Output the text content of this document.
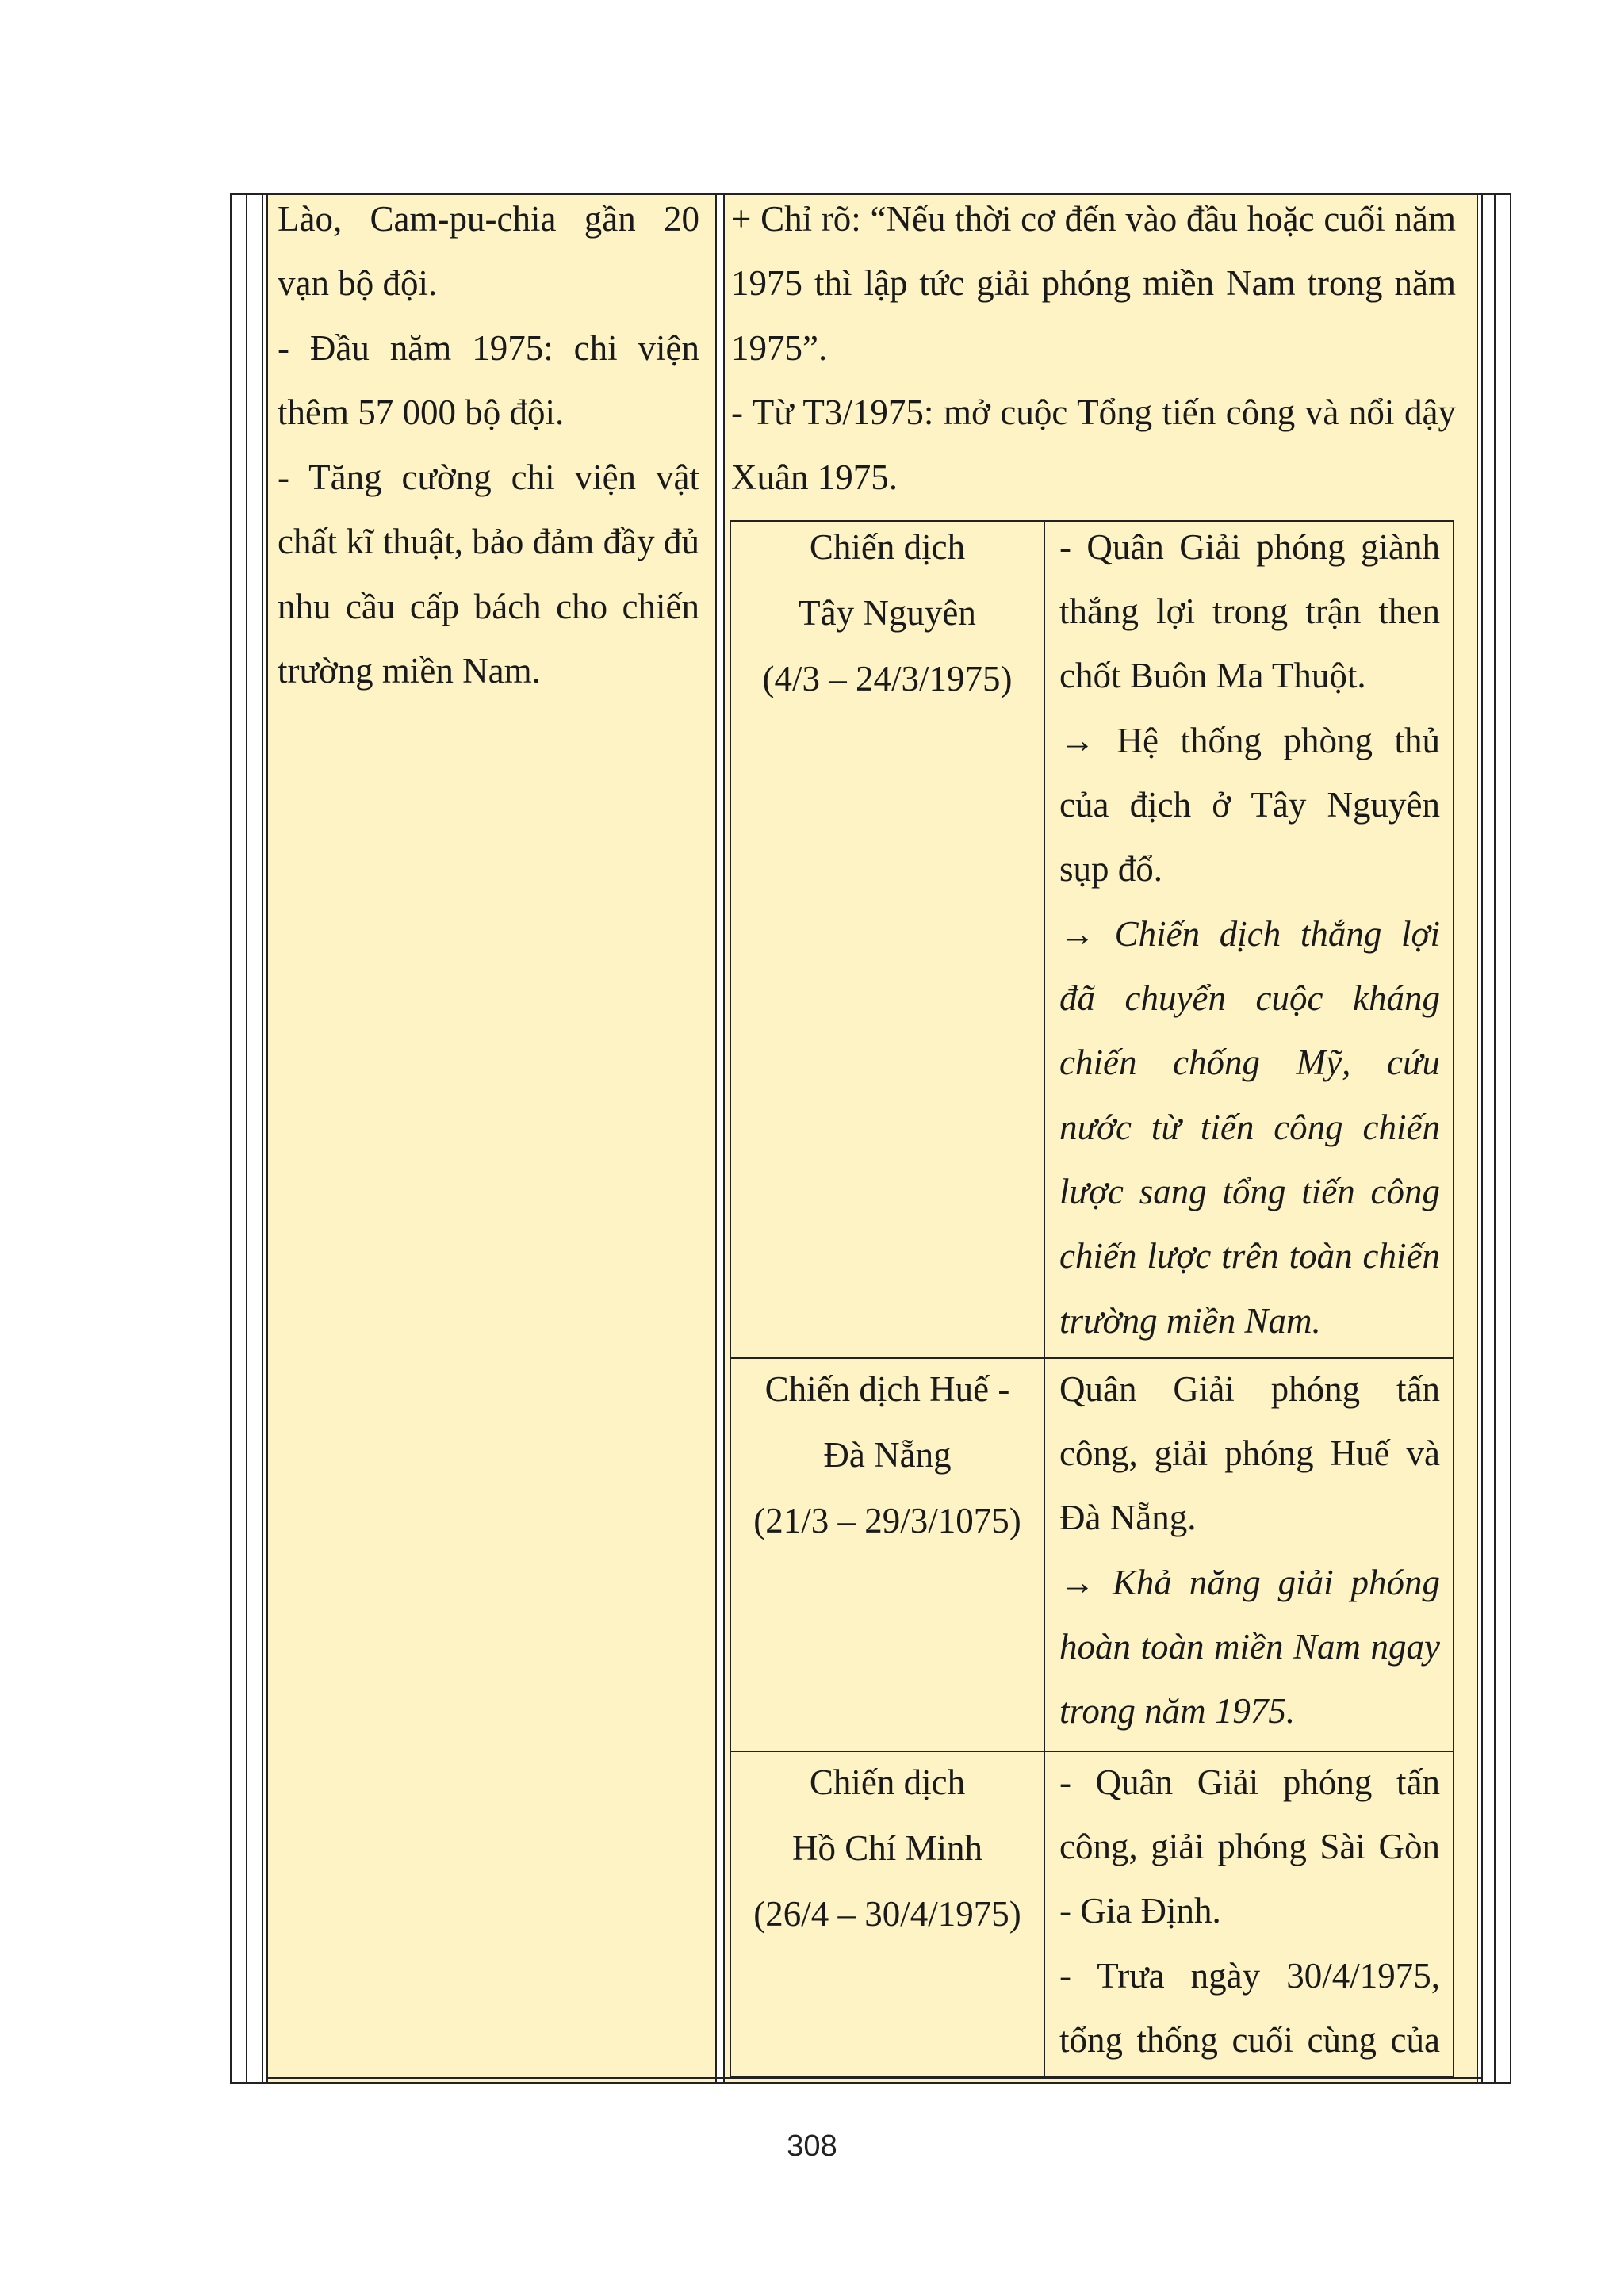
Lào, Cam-pu-chia gần 20
vạn bộ đội.
- Đầu năm 1975: chi viện
thêm 57 000 bộ đội.
- Tăng cường chi viện vật
chất kĩ thuật, bảo đảm đầy đủ
nhu cầu cấp bách cho chiến
trường miền Nam.
+ Chỉ rõ: “Nếu thời cơ đến vào đầu hoặc cuối năm
1975 thì lập tức giải phóng miền Nam trong năm
1975”.
- Từ T3/1975: mở cuộc Tổng tiến công và nổi dậy
Xuân 1975.
Chiến dịch
Tây Nguyên
(4/3 – 24/3/1975)
- Quân Giải phóng giành
thắng lợi trong trận then
chốt Buôn Ma Thuột.
→ Hệ thống phòng thủ
của địch ở Tây Nguyên
sụp đổ.
→ Chiến dịch thắng lợi
đã chuyển cuộc kháng
chiến chống Mỹ, cứu
nước từ tiến công chiến
lược sang tổng tiến công
chiến lược trên toàn chiến
trường miền Nam.
Chiến dịch Huế -
Đà Nẵng
(21/3 – 29/3/1075)
Quân Giải phóng tấn
công, giải phóng Huế và
Đà Nẵng.
→ Khả năng giải phóng
hoàn toàn miền Nam ngay
trong năm 1975.
Chiến dịch
Hồ Chí Minh
(26/4 – 30/4/1975)
- Quân Giải phóng tấn
công, giải phóng Sài Gòn
- Gia Định.
- Trưa ngày 30/4/1975,
tổng thống cuối cùng của
308
